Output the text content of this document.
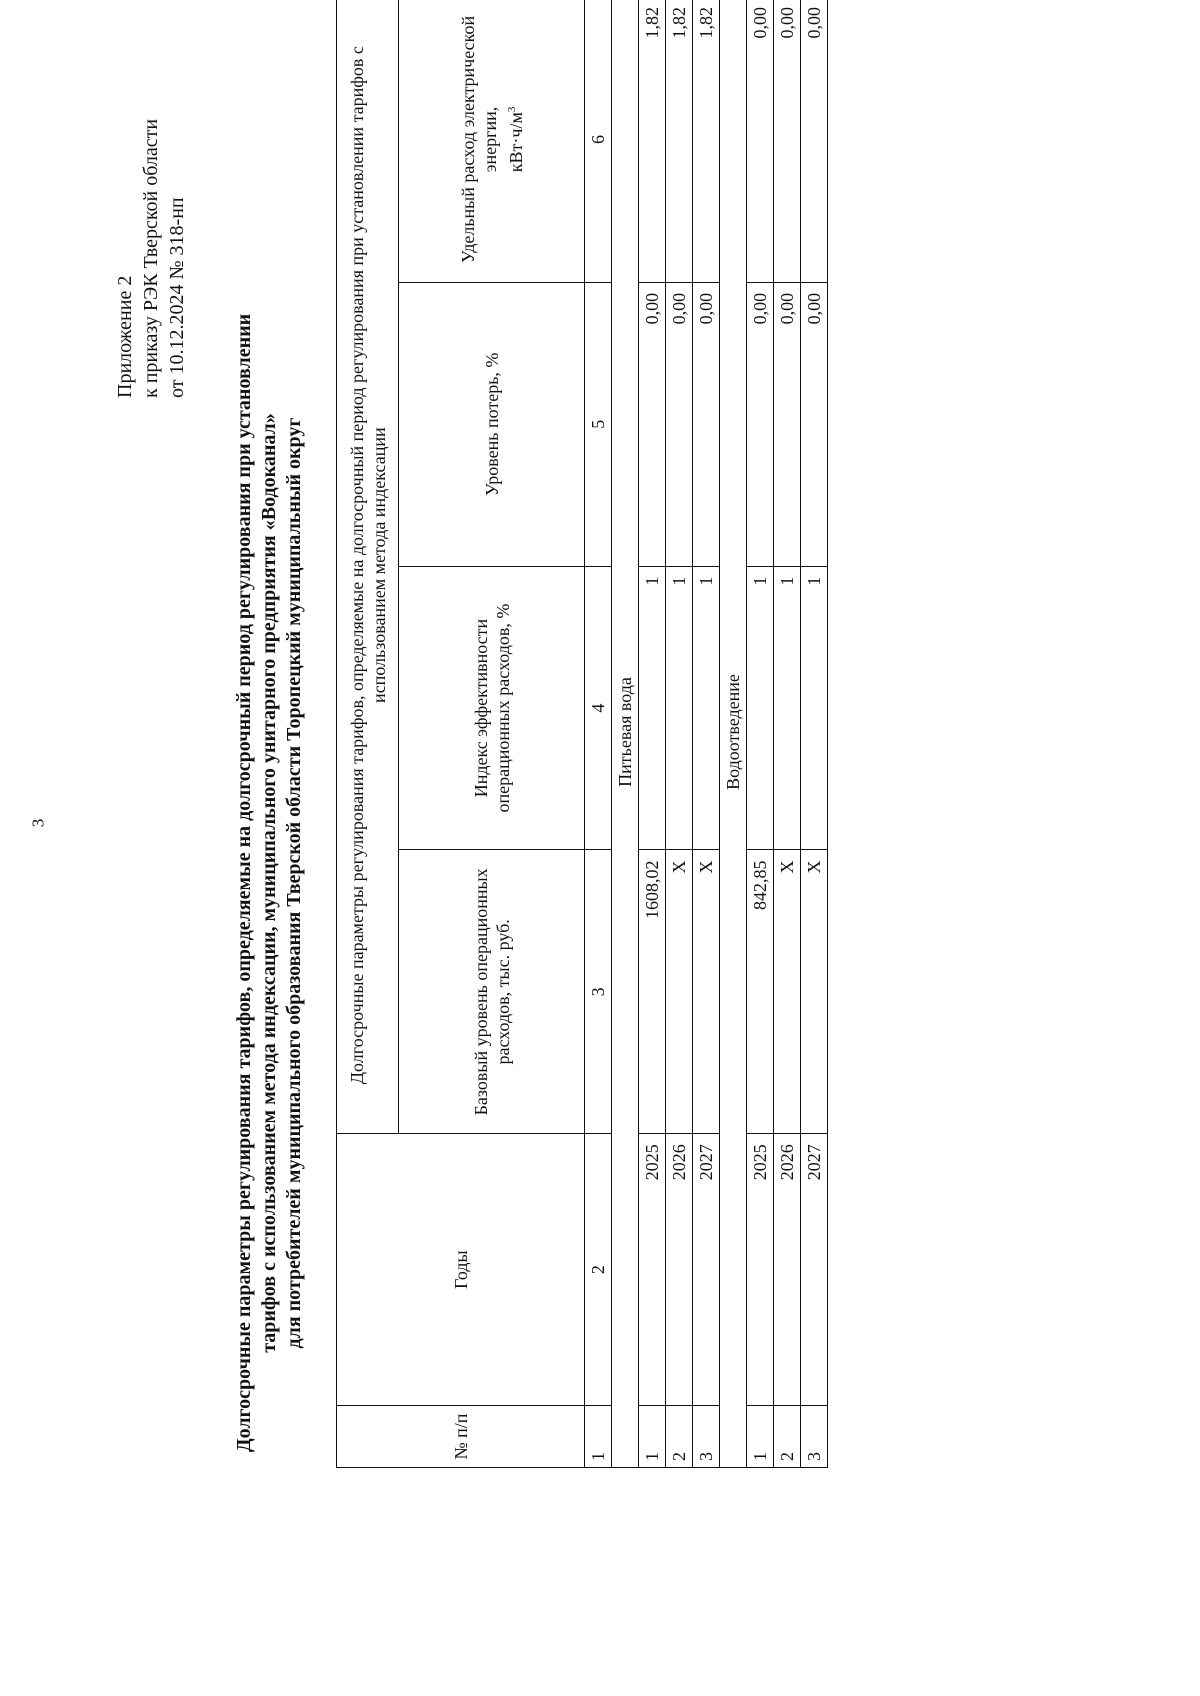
3
Приложение 2 к приказу РЭК Тверской области от 10.12.2024 № 318-нп
Долгосрочные параметры регулирования тарифов, определяемые на долгосрочный период регулирования при установлении тарифов с использованием метода индексации, муниципального унитарного предприятия «Водоканал» для потребителей муниципального образования Тверской области Торопецкий муниципальный округ
№ п/п	Годы	Долгосрочные параметры регулирования тарифов, определяемые на долгосрочный период регулирования при установлении тарифов с использованием метода индексации			
		Базовый уровень операционных расходов, тыс. руб.	Индекс эффективности операционных расходов, %	Уровень потерь, %	Удельный расход электрической энергии, $кВт\cdot ч/м^3$
1	2	3	4	5	6
Питьевая вода					
1	2025	1608,02	1	0,00	1,82
2	2026	X	1	0,00	1,82
3	2027	X	1	0,00	1,82
Водоотведение					
1	2025	842,85	1	0,00	0,00
2	2026	X	1	0,00	0,00
3	2027	X	1	0,00	0,00
